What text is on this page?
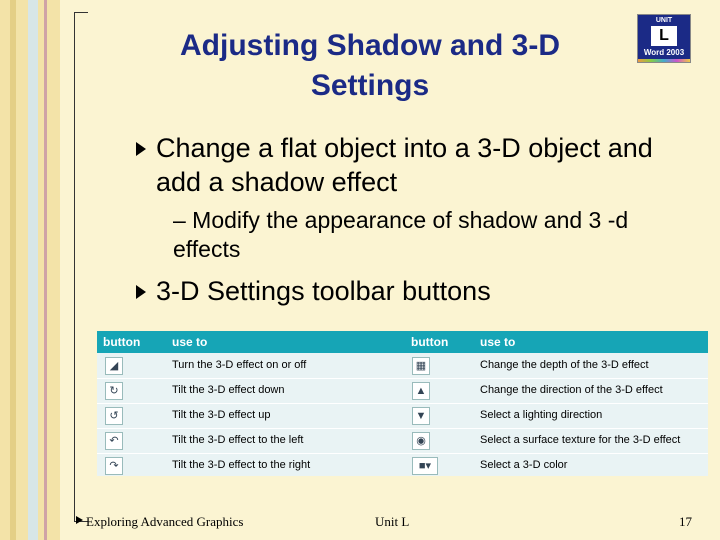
Adjusting Shadow and 3-D Settings
UNIT
L
Word 2003
Change a flat object into a 3-D object and add a shadow effect
– Modify the appearance of shadow and 3 -d effects
3-D Settings toolbar buttons
button	use to	button	use to
◢	Turn the 3-D effect on or off	▦	Change the depth of the 3-D effect
↻	Tilt the 3-D effect down	▲	Change the direction of the 3-D effect
↺	Tilt the 3-D effect up	▼	Select a lighting direction
↶	Tilt the 3-D effect to the left	◉	Select a surface texture for the 3-D effect
↷	Tilt the 3-D effect to the right	■▾	Select a 3-D color
Exploring Advanced Graphics	Unit L	17
